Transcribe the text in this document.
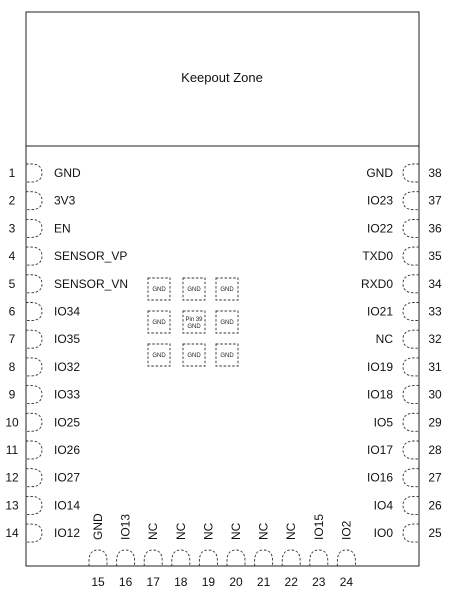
Keepout Zone
1	GND
2	3V3
3	EN
4	SENSOR_VP
5	SENSOR_VN
6	IO34
7	IO35
8	IO32
9	IO33
10	IO25
11	IO26
12	IO27
13	IO14
14	IO12
38
GND
37
IO23
36
IO22
35
TXD0
34
RXD0
33
IO21
32
NC
31
IO19
30
IO18
29
IO5
28
IO17
27
IO16
26
IO4
25
IO0
15
GND
16
IO13
17
NC
18
NC
19
NC
20
NC
21
NC
22
NC
23
IO15
24
IO2
GND	GND	GND
GND	Pin 39 GND
GND
GND	GND	GND
